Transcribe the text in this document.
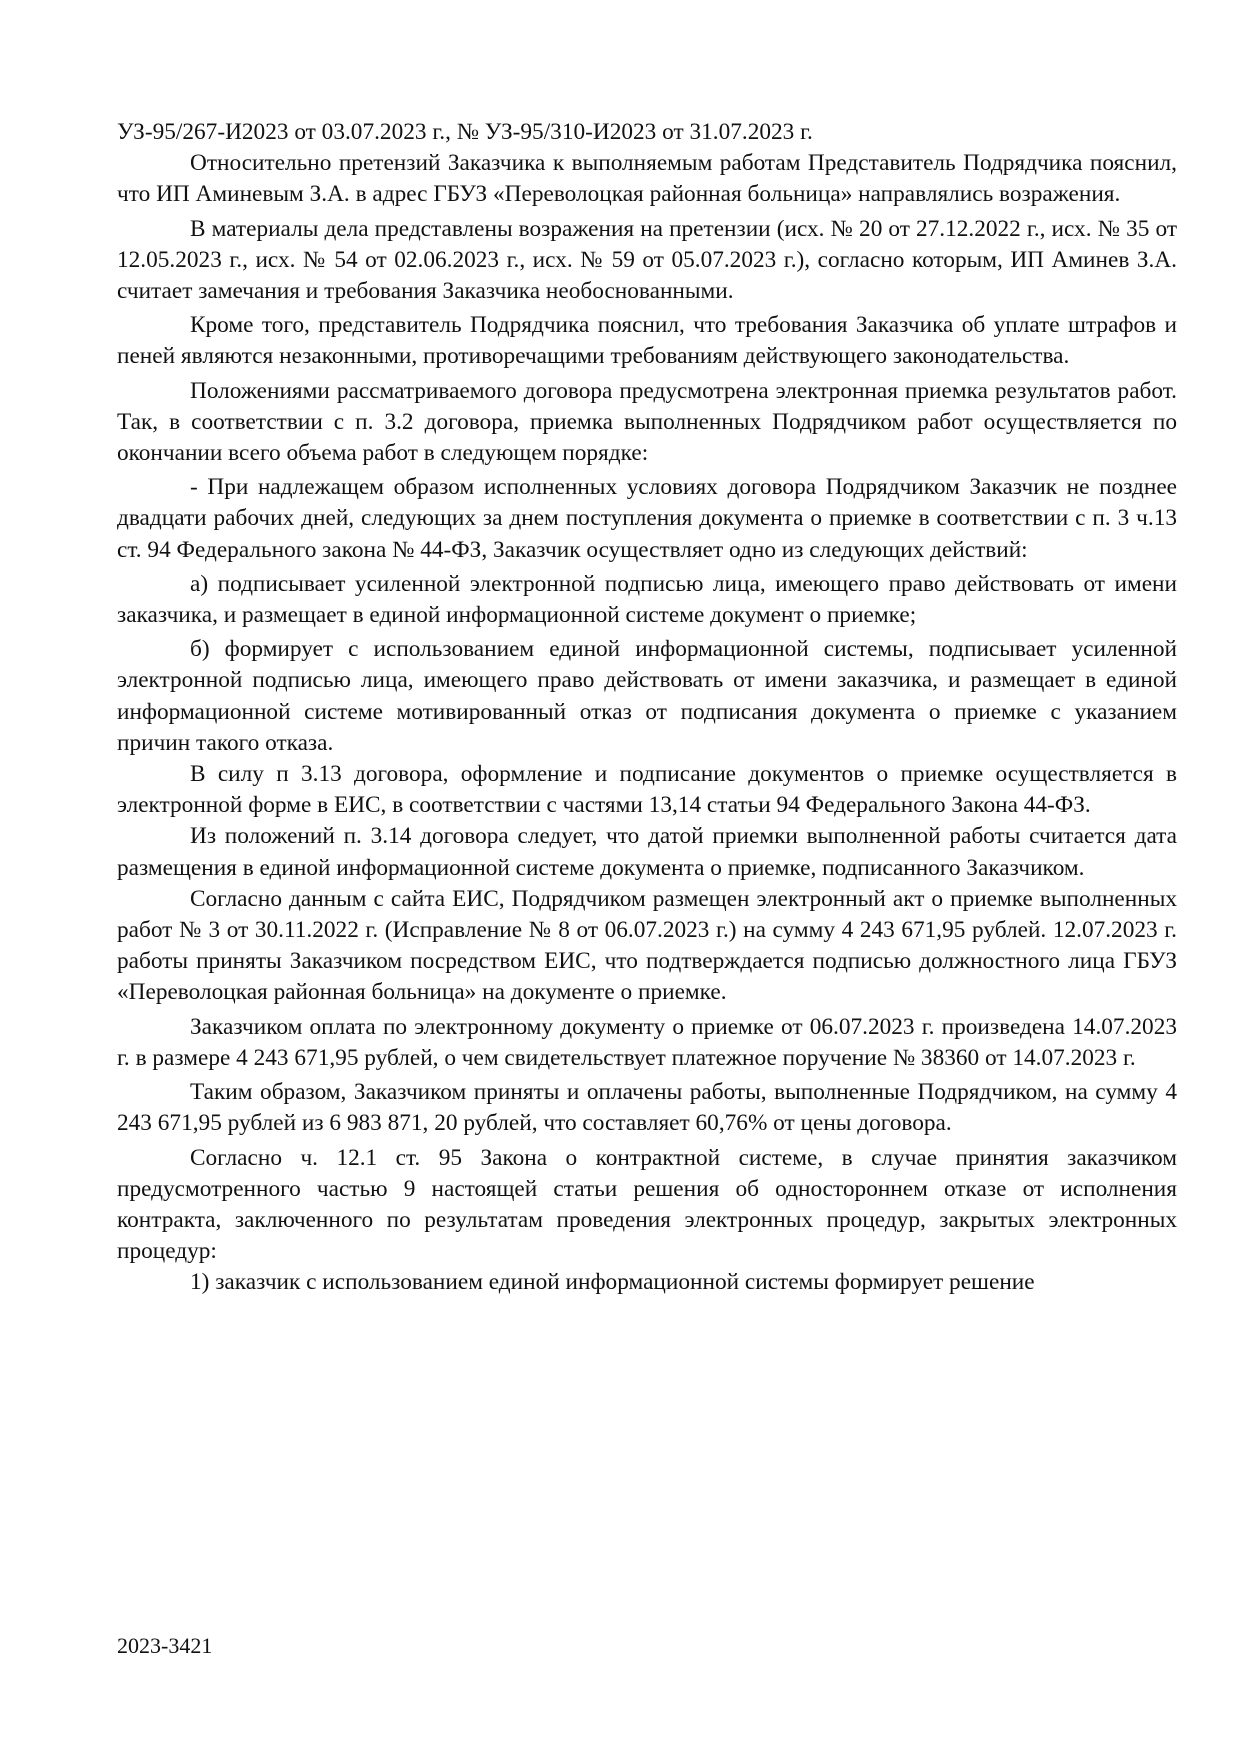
УЗ-95/267-И2023 от 03.07.2023 г., № УЗ-95/310-И2023 от 31.07.2023 г.

Относительно претензий Заказчика к выполняемым работам Представитель Подрядчика пояснил, что ИП Аминевым З.А. в адрес ГБУЗ «Переволоцкая районная больница» направлялись возражения.

В материалы дела представлены возражения на претензии (исх. № 20 от 27.12.2022 г., исх. № 35 от 12.05.2023 г., исх. № 54 от 02.06.2023 г., исх. № 59 от 05.07.2023 г.), согласно которым, ИП Аминев З.А. считает замечания и требования Заказчика необоснованными.

Кроме того, представитель Подрядчика пояснил, что требования Заказчика об уплате штрафов и пеней являются незаконными, противоречащими требованиям действующего законодательства.

Положениями рассматриваемого договора предусмотрена электронная приемка результатов работ. Так, в соответствии с п. 3.2 договора, приемка выполненных Подрядчиком работ осуществляется по окончании всего объема работ в следующем порядке:

- При надлежащем образом исполненных условиях договора Подрядчиком Заказчик не позднее двадцати рабочих дней, следующих за днем поступления документа о приемке в соответствии с п. 3 ч.13 ст. 94 Федерального закона № 44-ФЗ, Заказчик осуществляет одно из следующих действий:

а) подписывает усиленной электронной подписью лица, имеющего право действовать от имени заказчика, и размещает в единой информационной системе документ о приемке;

б) формирует с использованием единой информационной системы, подписывает усиленной электронной подписью лица, имеющего право действовать от имени заказчика, и размещает в единой информационной системе мотивированный отказ от подписания документа о приемке с указанием причин такого отказа.

В силу п 3.13 договора, оформление и подписание документов о приемке осуществляется в электронной форме в ЕИС, в соответствии с частями 13,14 статьи 94 Федерального Закона 44-ФЗ.

Из положений п. 3.14 договора следует, что датой приемки выполненной работы считается дата размещения в единой информационной системе документа о приемке, подписанного Заказчиком.

Согласно данным с сайта ЕИС, Подрядчиком размещен электронный акт о приемке выполненных работ № 3 от 30.11.2022 г. (Исправление № 8 от 06.07.2023 г.) на сумму 4 243 671,95 рублей. 12.07.2023 г. работы приняты Заказчиком посредством ЕИС, что подтверждается подписью должностного лица ГБУЗ «Переволоцкая районная больница» на документе о приемке.

Заказчиком оплата по электронному документу о приемке от 06.07.2023 г. произведена 14.07.2023 г. в размере 4 243 671,95 рублей, о чем свидетельствует платежное поручение № 38360 от 14.07.2023 г.

Таким образом, Заказчиком приняты и оплачены работы, выполненные Подрядчиком, на сумму 4 243 671,95 рублей из 6 983 871, 20 рублей, что составляет 60,76% от цены договора.

Согласно ч. 12.1 ст. 95 Закона о контрактной системе, в случае принятия заказчиком предусмотренного частью 9 настоящей статьи решения об одностороннем отказе от исполнения контракта, заключенного по результатам проведения электронных процедур, закрытых электронных процедур:

1) заказчик с использованием единой информационной системы формирует решение

2023-3421
